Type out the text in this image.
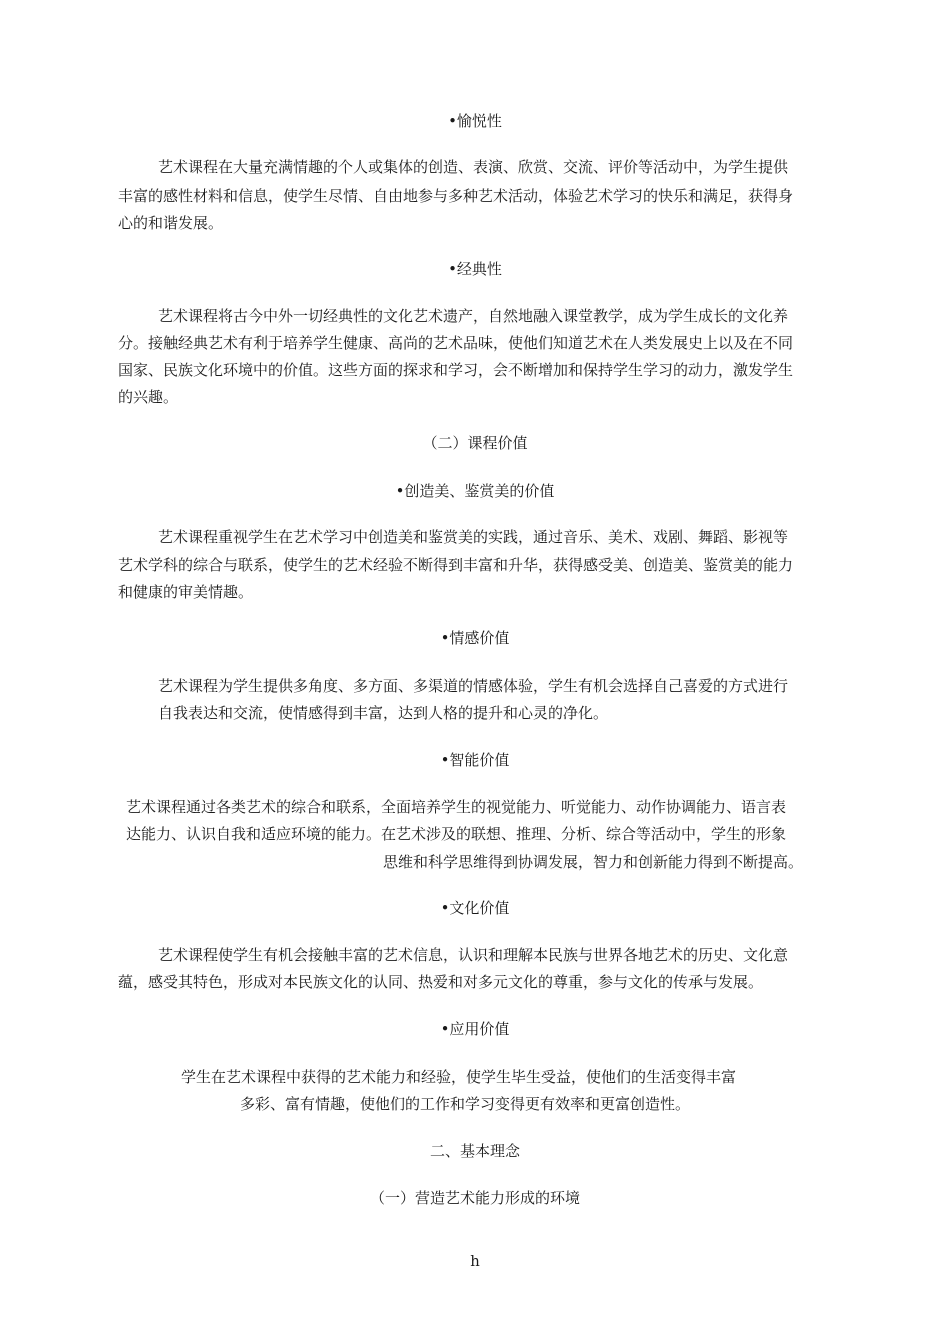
•愉悦性
艺术课程在大量充满情趣的个人或集体的创造、表演、欣赏、交流、评价等活动中，为学生提供
丰富的感性材料和信息，使学生尽情、自由地参与多种艺术活动，体验艺术学习的快乐和满足，获得身
心的和谐发展。
•经典性
艺术课程将古今中外一切经典性的文化艺术遗产，自然地融入课堂教学，成为学生成长的文化养
分。接触经典艺术有利于培养学生健康、高尚的艺术品味，使他们知道艺术在人类发展史上以及在不同
国家、民族文化环境中的价值。这些方面的探求和学习，会不断增加和保持学生学习的动力，激发学生
的兴趣。
（二）课程价值
•创造美、鉴赏美的价值
艺术课程重视学生在艺术学习中创造美和鉴赏美的实践，通过音乐、美术、戏剧、舞蹈、影视等
艺术学科的综合与联系，使学生的艺术经验不断得到丰富和升华，获得感受美、创造美、鉴赏美的能力
和健康的审美情趣。
•情感价值
艺术课程为学生提供多角度、多方面、多渠道的情感体验，学生有机会选择自己喜爱的方式进行
自我表达和交流，使情感得到丰富，达到人格的提升和心灵的净化。
•智能价值
艺术课程通过各类艺术的综合和联系，全面培养学生的视觉能力、听觉能力、动作协调能力、语言表
达能力、认识自我和适应环境的能力。在艺术涉及的联想、推理、分析、综合等活动中，学生的形象
思维和科学思维得到协调发展，智力和创新能力得到不断提高。
•文化价值
艺术课程使学生有机会接触丰富的艺术信息，认识和理解本民族与世界各地艺术的历史、文化意
蕴，感受其特色，形成对本民族文化的认同、热爱和对多元文化的尊重，参与文化的传承与发展。
•应用价值
学生在艺术课程中获得的艺术能力和经验，使学生毕生受益，使他们的生活变得丰富
多彩、富有情趣，使他们的工作和学习变得更有效率和更富创造性。
二、基本理念
（一）营造艺术能力形成的环境
h
